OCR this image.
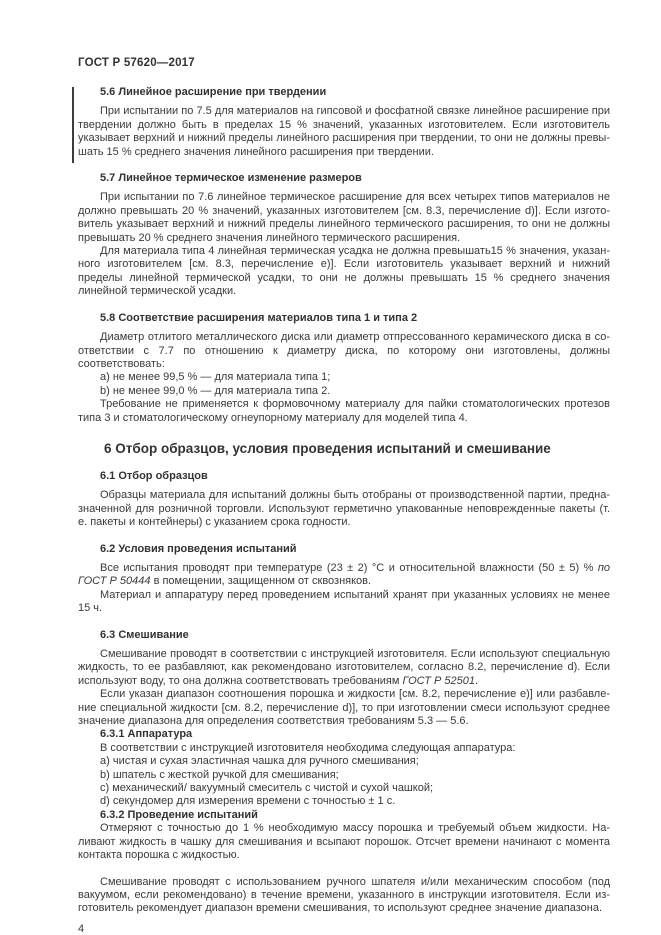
ГОСТ Р 57620—2017
5.6 Линейное расширение при твердении

При испытании по 7.5 для материалов на гипсовой и фосфатной связке линейное расширение при твердении должно быть в пределах 15 % значений, указанных изготовителем. Если изготовитель указывает верхний и нижний пределы линейного расширения при твердении, то они не должны превышать 15 % среднего значения линейного расширения при твердении.

5.7 Линейное термическое изменение размеров

При испытании по 7.6 линейное термическое расширение для всех четырех типов материалов не должно превышать 20 % значений, указанных изготовителем [см. 8.3, перечисление d)]. Если изготовитель указывает верхний и нижний пределы линейного термического расширения, то они не должны превышать 20 % среднего значения линейного термического расширения.

Для материала типа 4 линейная термическая усадка не должна превышать15 % значения, указанного изготовителем [см. 8.3, перечисление e)]. Если изготовитель указывает верхний и нижний пределы линейной термической усадки, то они не должны превышать 15 % среднего значения линейной термической усадки.

5.8 Соответствие расширения материалов типа 1 и типа 2

Диаметр отлитого металлического диска или диаметр отпрессованного керамического диска в соответствии с 7.7 по отношению к диаметру диска, по которому они изготовлены, должны соответствовать:

a) не менее 99,5 % — для материала типа 1;

b) не менее 99,0 % — для материала типа 2.

Требование не применяется к формовочному материалу для пайки стоматологических протезов типа 3 и стоматологическому огнеупорному материалу для моделей типа 4.

6 Отбор образцов, условия проведения испытаний и смешивание
6.1 Отбор образцов

Образцы материала для испытаний должны быть отобраны от производственной партии, предназначенной для розничной торговли. Используют герметично упакованные неповрежденные пакеты (т. е. пакеты и контейнеры) с указанием срока годности.

6.2 Условия проведения испытаний

Все испытания проводят при температуре (23 ± 2) °С и относительной влажности (50 ± 5) % по ГОСТ Р 50444 в помещении, защищенном от сквозняков.

Материал и аппаратуру перед проведением испытаний хранят при указанных условиях не менее 15 ч.

6.3 Смешивание

Смешивание проводят в соответствии с инструкцией изготовителя. Если используют специальную жидкость, то ее разбавляют, как рекомендовано изготовителем, согласно 8.2, перечисление d). Если используют воду, то она должна соответствовать требованиям ГОСТ Р 52501.

Если указан диапазон соотношения порошка и жидкости [см. 8.2, перечисление e)] или разбавление специальной жидкости [см. 8.2, перечисление d)], то при изготовлении смеси используют среднее значение диапазона для определения соответствия требованиям 5.3 — 5.6.

6.3.1 Аппаратура

В соответствии с инструкцией изготовителя необходима следующая аппаратура:

a) чистая и сухая эластичная чашка для ручного смешивания;

b) шпатель с жесткой ручкой для смешивания;

c) механический/ вакуумный смеситель с чистой и сухой чашкой;

d) секундомер для измерения времени с точностью ± 1 с.

6.3.2 Проведение испытаний

Отмеряют с точностью до 1 % необходимую массу порошка и требуемый объем жидкости. Наливают жидкость в чашку для смешивания и всыпают порошок. Отсчет времени начинают с момента контакта порошка с жидкостью.

Смешивание проводят с использованием ручного шпателя и/или механическим способом (под вакуумом, если рекомендовано) в течение времени, указанного в инструкции изготовителя. Если изготовитель рекомендует диапазон времени смешивания, то используют среднее значение диапазона.

4
